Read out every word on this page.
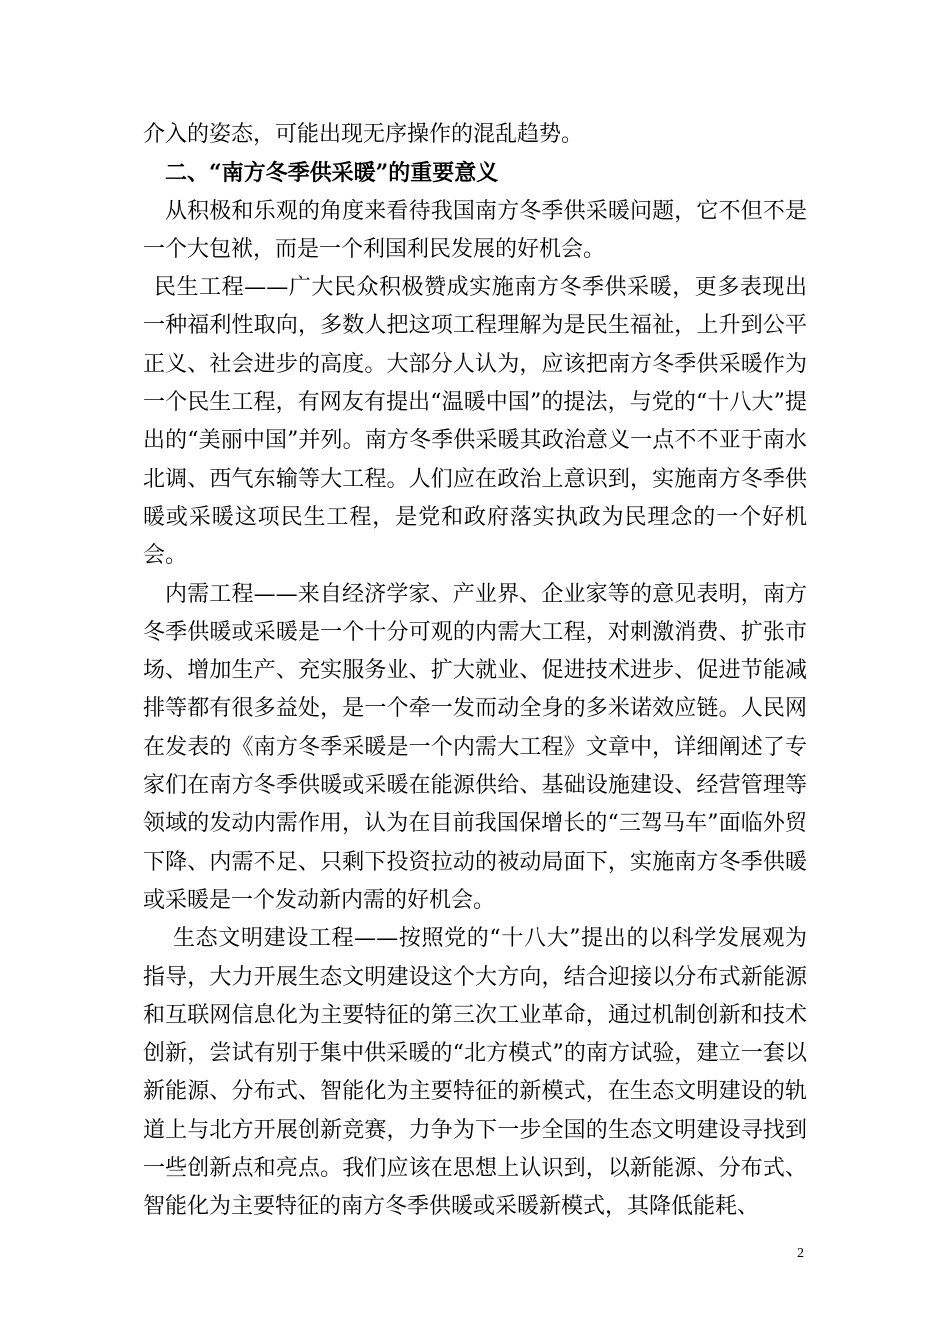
介入的姿态，可能出现无序操作的混乱趋势。

二、“南方冬季供采暖”的重要意义

从积极和乐观的角度来看待我国南方冬季供采暖问题，它不但不是一个大包袱，而是一个利国利民发展的好机会。

民生工程——广大民众积极赞成实施南方冬季供采暖，更多表现出一种福利性取向，多数人把这项工程理解为是民生福祉，上升到公平正义、社会进步的高度。大部分人认为，应该把南方冬季供采暖作为一个民生工程，有网友有提出“温暖中国”的提法，与党的“十八大”提出的“美丽中国”并列。南方冬季供采暖其政治意义一点不不亚于南水北调、西气东输等大工程。人们应在政治上意识到，实施南方冬季供暖或采暖这项民生工程，是党和政府落实执政为民理念的一个好机会。

内需工程——来自经济学家、产业界、企业家等的意见表明，南方冬季供暖或采暖是一个十分可观的内需大工程，对刺激消费、扩张市场、增加生产、充实服务业、扩大就业、促进技术进步、促进节能减排等都有很多益处，是一个牵一发而动全身的多米诺效应链。人民网在发表的《南方冬季采暖是一个内需大工程》文章中，详细阐述了专家们在南方冬季供暖或采暖在能源供给、基础设施建设、经营管理等领域的发动内需作用，认为在目前我国保增长的“三驾马车”面临外贸下降、内需不足、只剩下投资拉动的被动局面下，实施南方冬季供暖或采暖是一个发动新内需的好机会。

生态文明建设工程——按照党的“十八大”提出的以科学发展观为指导，大力开展生态文明建设这个大方向，结合迎接以分布式新能源和互联网信息化为主要特征的第三次工业革命，通过机制创新和技术创新，尝试有别于集中供采暖的“北方模式”的南方试验，建立一套以新能源、分布式、智能化为主要特征的新模式，在生态文明建设的轨道上与北方开展创新竞赛，力争为下一步全国的生态文明建设寻找到一些创新点和亮点。我们应该在思想上认识到，以新能源、分布式、智能化为主要特征的南方冬季供暖或采暖新模式，其降低能耗、

2
